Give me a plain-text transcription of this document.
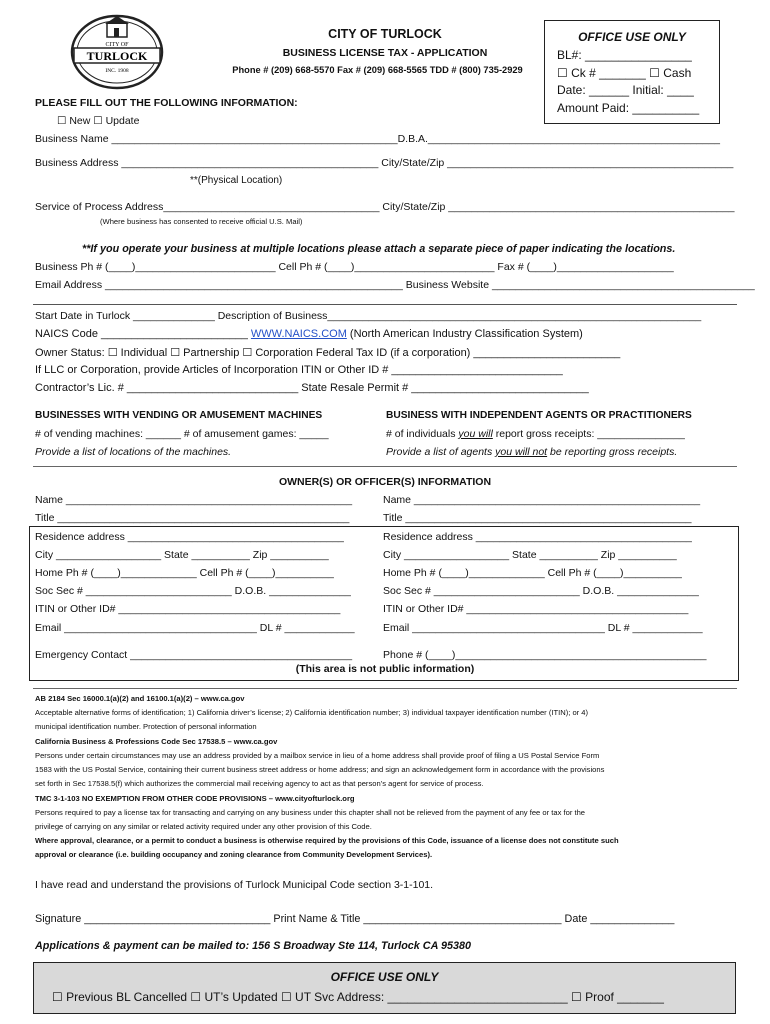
CITY OF
TURLOCK
INC. 1908
CITY OF TURLOCK
BUSINESS LICENSE TAX - APPLICATION
Phone # (209) 668-5570 Fax # (209) 668-5565 TDD # (800) 735-2929
OFFICE USE ONLY
BL#: ________________
☐ Ck # _______ ☐ Cash
Date: ______ Initial: ____
Amount Paid: __________
PLEASE FILL OUT THE FOLLOWING INFORMATION:
☐ New ☐ Update
Business Name _________________________________________________D.B.A.__________________________________________________
Business Address ____________________________________________ City/State/Zip _________________________________________________
**(Physical Location)
Service of Process Address_____________________________________ City/State/Zip _________________________________________________
(Where business has consented to receive official U.S. Mail)
**If you operate your business at multiple locations please attach a separate piece of paper indicating the locations.
Business Ph # (____)________________________ Cell Ph # (____)________________________ Fax # (____)____________________
Email Address ___________________________________________________ Business Website _____________________________________________
Start Date in Turlock ______________ Description of Business________________________________________________________________
NAICS Code ________________________ WWW.NAICS.COM (North American Industry Classification System)
Owner Status: ☐ Individual ☐ Partnership ☐ Corporation Federal Tax ID (if a corporation) ________________________
If LLC or Corporation, provide Articles of Incorporation ITIN or Other ID # ____________________________
Contractor’s Lic. # ____________________________ State Resale Permit # _____________________________
BUSINESSES WITH VENDING OR AMUSEMENT MACHINES
# of vending machines: ______ # of amusement games: _____
Provide a list of locations of the machines.
BUSINESS WITH INDEPENDENT AGENTS OR PRACTITIONERS
# of individuals you will report gross receipts: _______________
Provide a list of agents you will not be reporting gross receipts.
OWNER(S) OR OFFICER(S) INFORMATION
Name _________________________________________________
Title __________________________________________________
Name _________________________________________________
Title _________________________________________________
Residence address _____________________________________
City __________________ State __________ Zip __________
Home Ph # (____)_____________ Cell Ph # (____)__________
Soc Sec # _________________________ D.O.B. ______________
ITIN or Other ID# ______________________________________
Email _________________________________ DL # ____________
Emergency Contact ______________________________________
Residence address _____________________________________
City __________________ State __________ Zip __________
Home Ph # (____)_____________ Cell Ph # (____)__________
Soc Sec # _________________________ D.O.B. ______________
ITIN or Other ID# ______________________________________
Email _________________________________ DL # ____________
Phone # (____)___________________________________________
(This area is not public information)
AB 2184 Sec 16000.1(a)(2) and 16100.1(a)(2) – www.ca.gov
Acceptable alternative forms of identification; 1) California driver’s license; 2) California identification number; 3) individual taxpayer identification number (ITIN); or 4)
municipal identification number. Protection of personal information
California Business & Professions Code Sec 17538.5 – www.ca.gov
Persons under certain circumstances may use an address provided by a mailbox service in lieu of a home address shall provide proof of filing a US Postal Service Form
1583 with the US Postal Service, containing their current business street address or home address; and sign an acknowledgement form in accordance with the provisions
set forth in Sec 17538.5(f) which authorizes the commercial mail receiving agency to act as that person’s agent for service of process.
TMC 3-1-103 NO EXEMPTION FROM OTHER CODE PROVISIONS – www.cityofturlock.org
Persons required to pay a license tax for transacting and carrying on any business under this chapter shall not be relieved from the payment of any fee or tax for the
privilege of carrying on any similar or related activity required under any other provision of this Code.
Where approval, clearance, or a permit to conduct a business is otherwise required by the provisions of this Code, issuance of a license does not constitute such
approval or clearance (i.e. building occupancy and zoning clearance from Community Development Services).
I have read and understand the provisions of Turlock Municipal Code section 3-1-101.
Signature _______________________________ Print Name & Title _________________________________ Date ______________
Applications & payment can be mailed to: 156 S Broadway Ste 114, Turlock CA 95380
OFFICE USE ONLY
☐ Previous BL Cancelled ☐ UT’s Updated ☐ UT Svc Address: ___________________________ ☐ Proof _______
